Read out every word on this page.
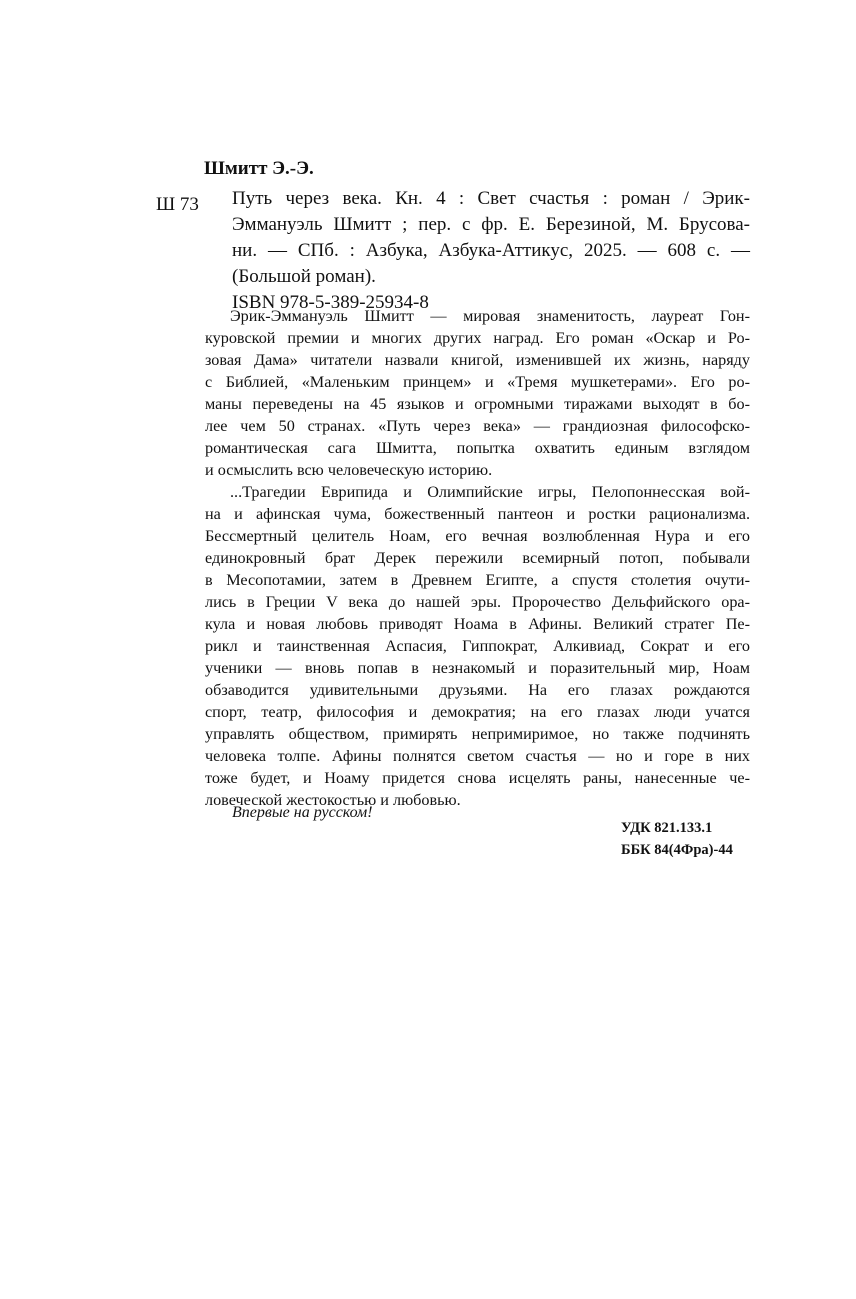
Шмитт Э.-Э.
Ш 73 Путь через века. Кн. 4 : Свет счастья : роман / Эрик-
Эммануэль Шмитт ; пер. с фр. Е. Березиной, М. Брусова-
ни. — СПб. : Азбука, Азбука-Аттикус, 2025. — 608 с. —
(Большой роман).
ISBN 978-5-389-25934-8
Эрик-Эммануэль Шмитт — мировая знаменитость, лауреат Гон-
куровской премии и многих других наград. Его роман «Оскар и Ро-
зовая Дама» читатели назвали книгой, изменившей их жизнь, наряду
с Библией, «Маленьким принцем» и «Тремя мушкетерами». Его ро-
маны переведены на 45 языков и огромными тиражами выходят в бо-
лее чем 50 странах. «Путь через века» — грандиозная философско-
романтическая сага Шмитта, попытка охватить единым взглядом
и осмыслить всю человеческую историю.
...Трагедии Еврипида и Олимпийские игры, Пелопоннесская вой-
на и афинская чума, божественный пантеон и ростки рационализма.
Бессмертный целитель Ноам, его вечная возлюбленная Нура и его
единокровный брат Дерек пережили всемирный потоп, побывали
в Месопотамии, затем в Древнем Египте, а спустя столетия очути-
лись в Греции V века до нашей эры. Пророчество Дельфийского ора-
кула и новая любовь приводят Ноама в Афины. Великий стратег Пе-
рикл и таинственная Аспасия, Гиппократ, Алкивиад, Сократ и его
ученики — вновь попав в незнакомый и поразительный мир, Ноам
обзаводится удивительными друзьями. На его глазах рождаются
спорт, театр, философия и демократия; на его глазах люди учатся
управлять обществом, примирять непримиримое, но также подчинять
человека толпе. Афины полнятся светом счастья — но и горе в них
тоже будет, и Ноаму придется снова исцелять раны, нанесенные че-
ловеческой жестокостью и любовью.
Впервые на русском!
УДК 821.133.1
ББК 84(4Фра)-44
